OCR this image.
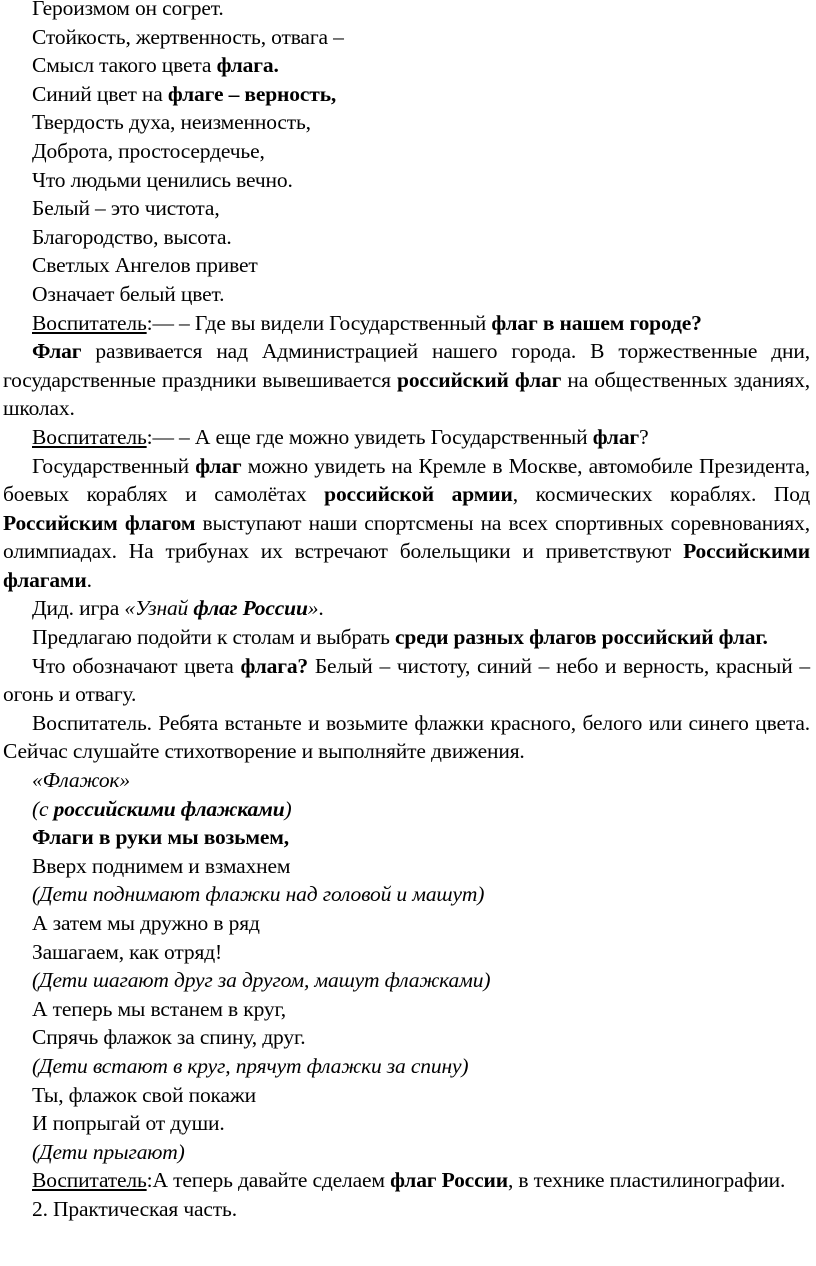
Героизмом он согрет.

Стойкость, жертвенность, отвага –

Смысл такого цвета флага.

Синий цвет на флаге – верность,

Твердость духа, неизменность,

Доброта, простосердечье,

Что людьми ценились вечно.

Белый – это чистота,

Благородство, высота.

Светлых Ангелов привет

Означает белый цвет.

Воспитатель:— – Где вы видели Государственный флаг в нашем городе?

Флаг развивается над Администрацией нашего города. В торжественные дни, государственные праздники вывешивается российский флаг на общественных зданиях, школах.

Воспитатель:— – А еще где можно увидеть Государственный флаг?

Государственный флаг можно увидеть на Кремле в Москве, автомобиле Президента, боевых кораблях и самолётах российской армии, космических кораблях. Под Российским флагом выступают наши спортсмены на всех спортивных соревнованиях, олимпиадах. На трибунах их встречают болельщики и приветствуют Российскими флагами.

Дид. игра «Узнай флаг России».

Предлагаю подойти к столам и выбрать среди разных флагов российский флаг.

Что обозначают цвета флага? Белый – чистоту, синий – небо и верность, красный – огонь и отвагу.

Воспитатель. Ребята встаньте и возьмите флажки красного, белого или синего цвета. Сейчас слушайте стихотворение и выполняйте движения.

«Флажок»

(с российскими флажками)

Флаги в руки мы возьмем,

Вверх поднимем и взмахнем

(Дети поднимают флажки над головой и машут)

А затем мы дружно в ряд

Зашагаем, как отряд!

(Дети шагают друг за другом, машут флажками)

А теперь мы встанем в круг,

Спрячь флажок за спину, друг.

(Дети встают в круг, прячут флажки за спину)

Ты, флажок свой покажи

И попрыгай от души.

(Дети прыгают)

Воспитатель:А теперь давайте сделаем флаг России, в технике пластилинографии.

2. Практическая часть.
